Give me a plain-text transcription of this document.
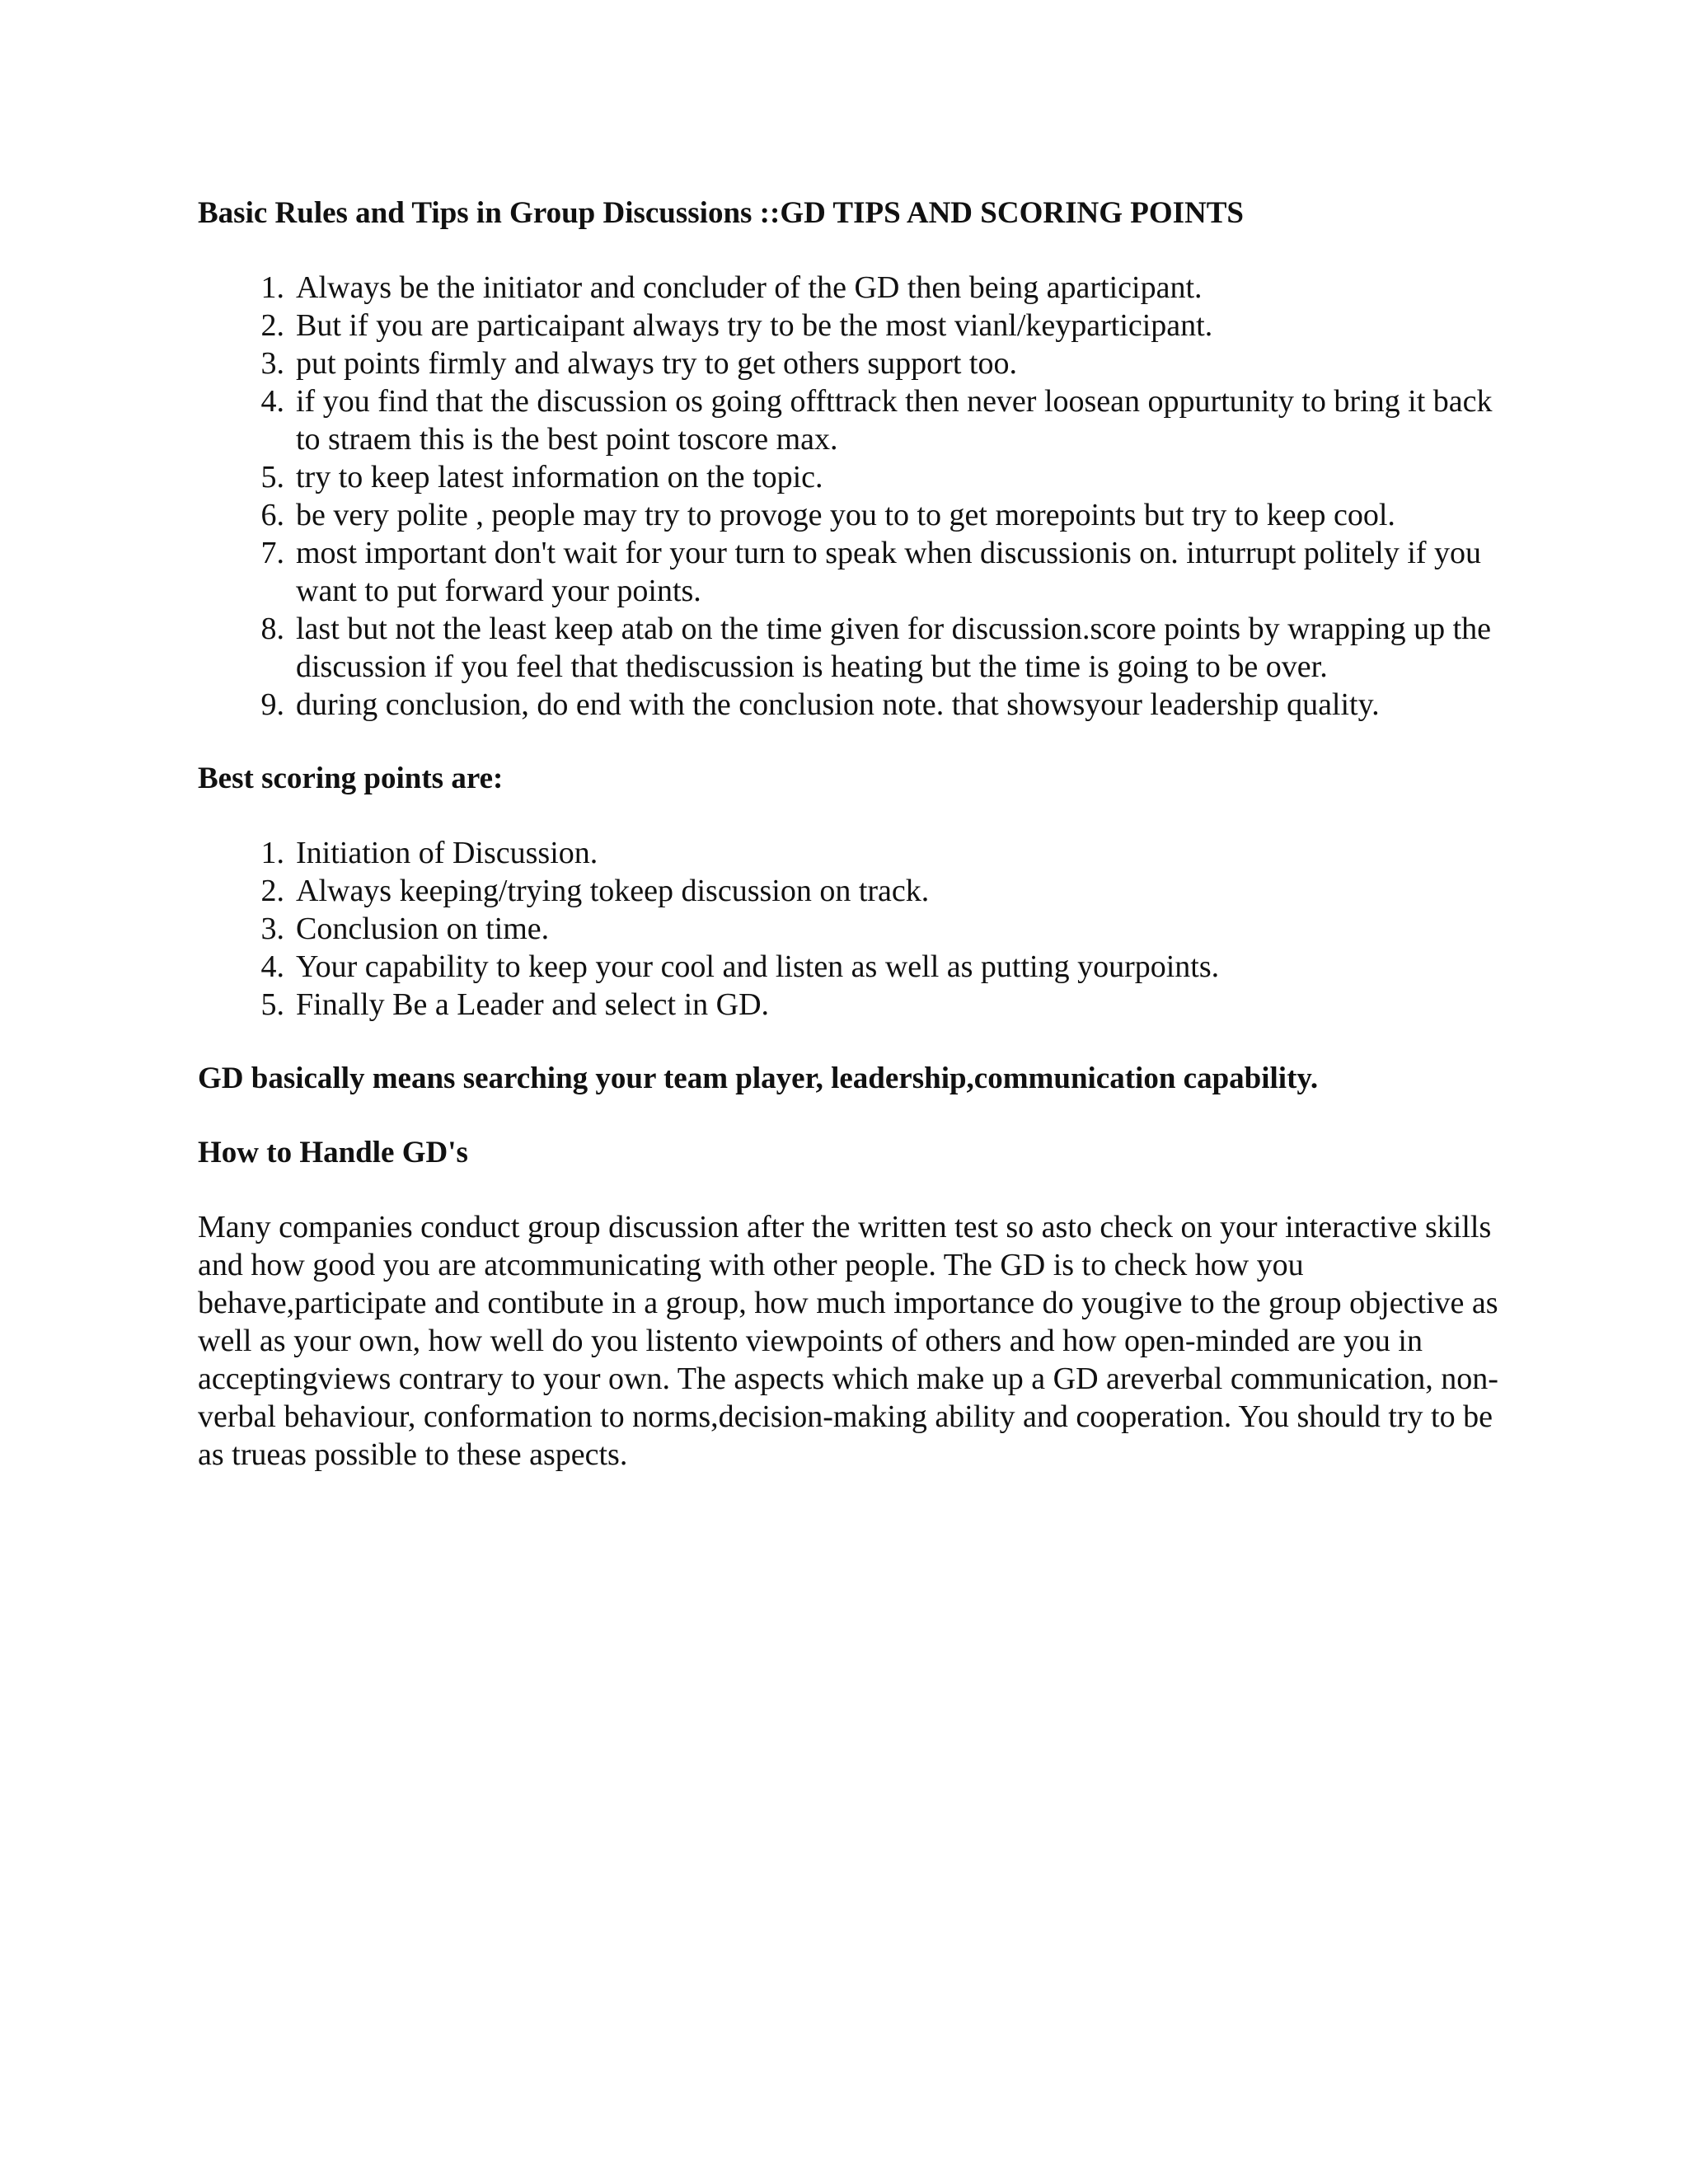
Basic Rules and Tips in Group Discussions ::GD TIPS AND SCORING POINTS
1. Always be the initiator and concluder of the GD then being aparticipant.
2. But if you are particaipant always try to be the most vianl/keyparticipant.
3. put points firmly and always try to get others support too.
4. if you find that the discussion os going offttrack then never loosean oppurtunity to bring it back to straem this is the best point toscore max.
5. try to keep latest information on the topic.
6. be very polite , people may try to provoge you to to get morepoints but try to keep cool.
7. most important don't wait for your turn to speak when discussionis on. inturrupt politely if you want to put forward your points.
8. last but not the least keep atab on the time given for discussion.score points by wrapping up the discussion if you feel that thediscussion is heating but the time is going to be over.
9. during conclusion, do end with the conclusion note. that showsyour leadership quality.
Best scoring points are:
1. Initiation of Discussion.
2. Always keeping/trying tokeep discussion on track.
3. Conclusion on time.
4. Your capability to keep your cool and listen as well as putting yourpoints.
5. Finally Be a Leader and select in GD.
GD basically means searching your team player, leadership,communication capability.
How to Handle GD's

Many companies conduct group discussion after the written test so asto check on your interactive skills and how good you are atcommunicating with other people. The GD is to check how you behave,participate and contibute in a group, how much importance do yougive to the group objective as well as your own, how well do you listento viewpoints of others and how open-minded are you in acceptingviews contrary to your own. The aspects which make up a GD areverbal communication, non-verbal behaviour, conformation to norms,decision-making ability and cooperation. You should try to be as trueas possible to these aspects.
